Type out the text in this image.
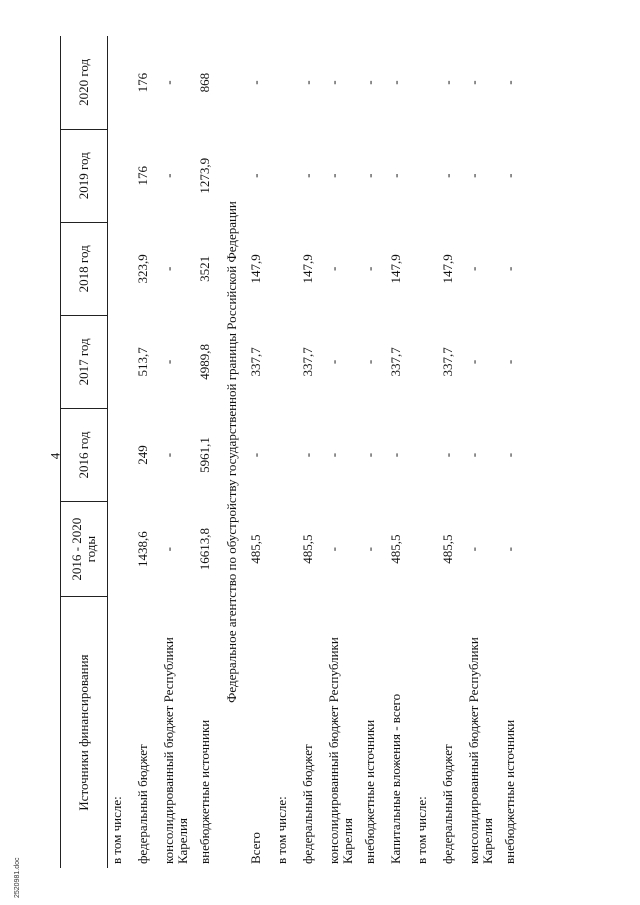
4
Источники финансирования	2016 - 2020 годы	2016 год	2017 год	2018 год	2019 год	2020 год
в том числе:						
федеральный бюджет	1438,6	249	513,7	323,9	176	176
консолидированный бюджет Республики Карелия	-	-	-	-	-	-
внебюджетные источники	16613,8	5961,1	4989,8	3521	1273,9	868
Федеральное агентство по обустройству государственной границы Российской Федерации						
Всего	485,5	-	337,7	147,9	-	-
в том числе:						
федеральный бюджет	485,5	-	337,7	147,9	-	-
консолидированный бюджет Республики Карелия	-	-	-	-	-	-
внебюджетные источники	-	-	-	-	-	-
Капитальные вложения - всего	485,5	-	337,7	147,9	-	-
в том числе:						
федеральный бюджет	485,5	-	337,7	147,9	-	-
консолидированный бюджет Республики Карелия	-	-	-	-	-	-
внебюджетные источники	-	-	-	-	-	-
2520981.doc
